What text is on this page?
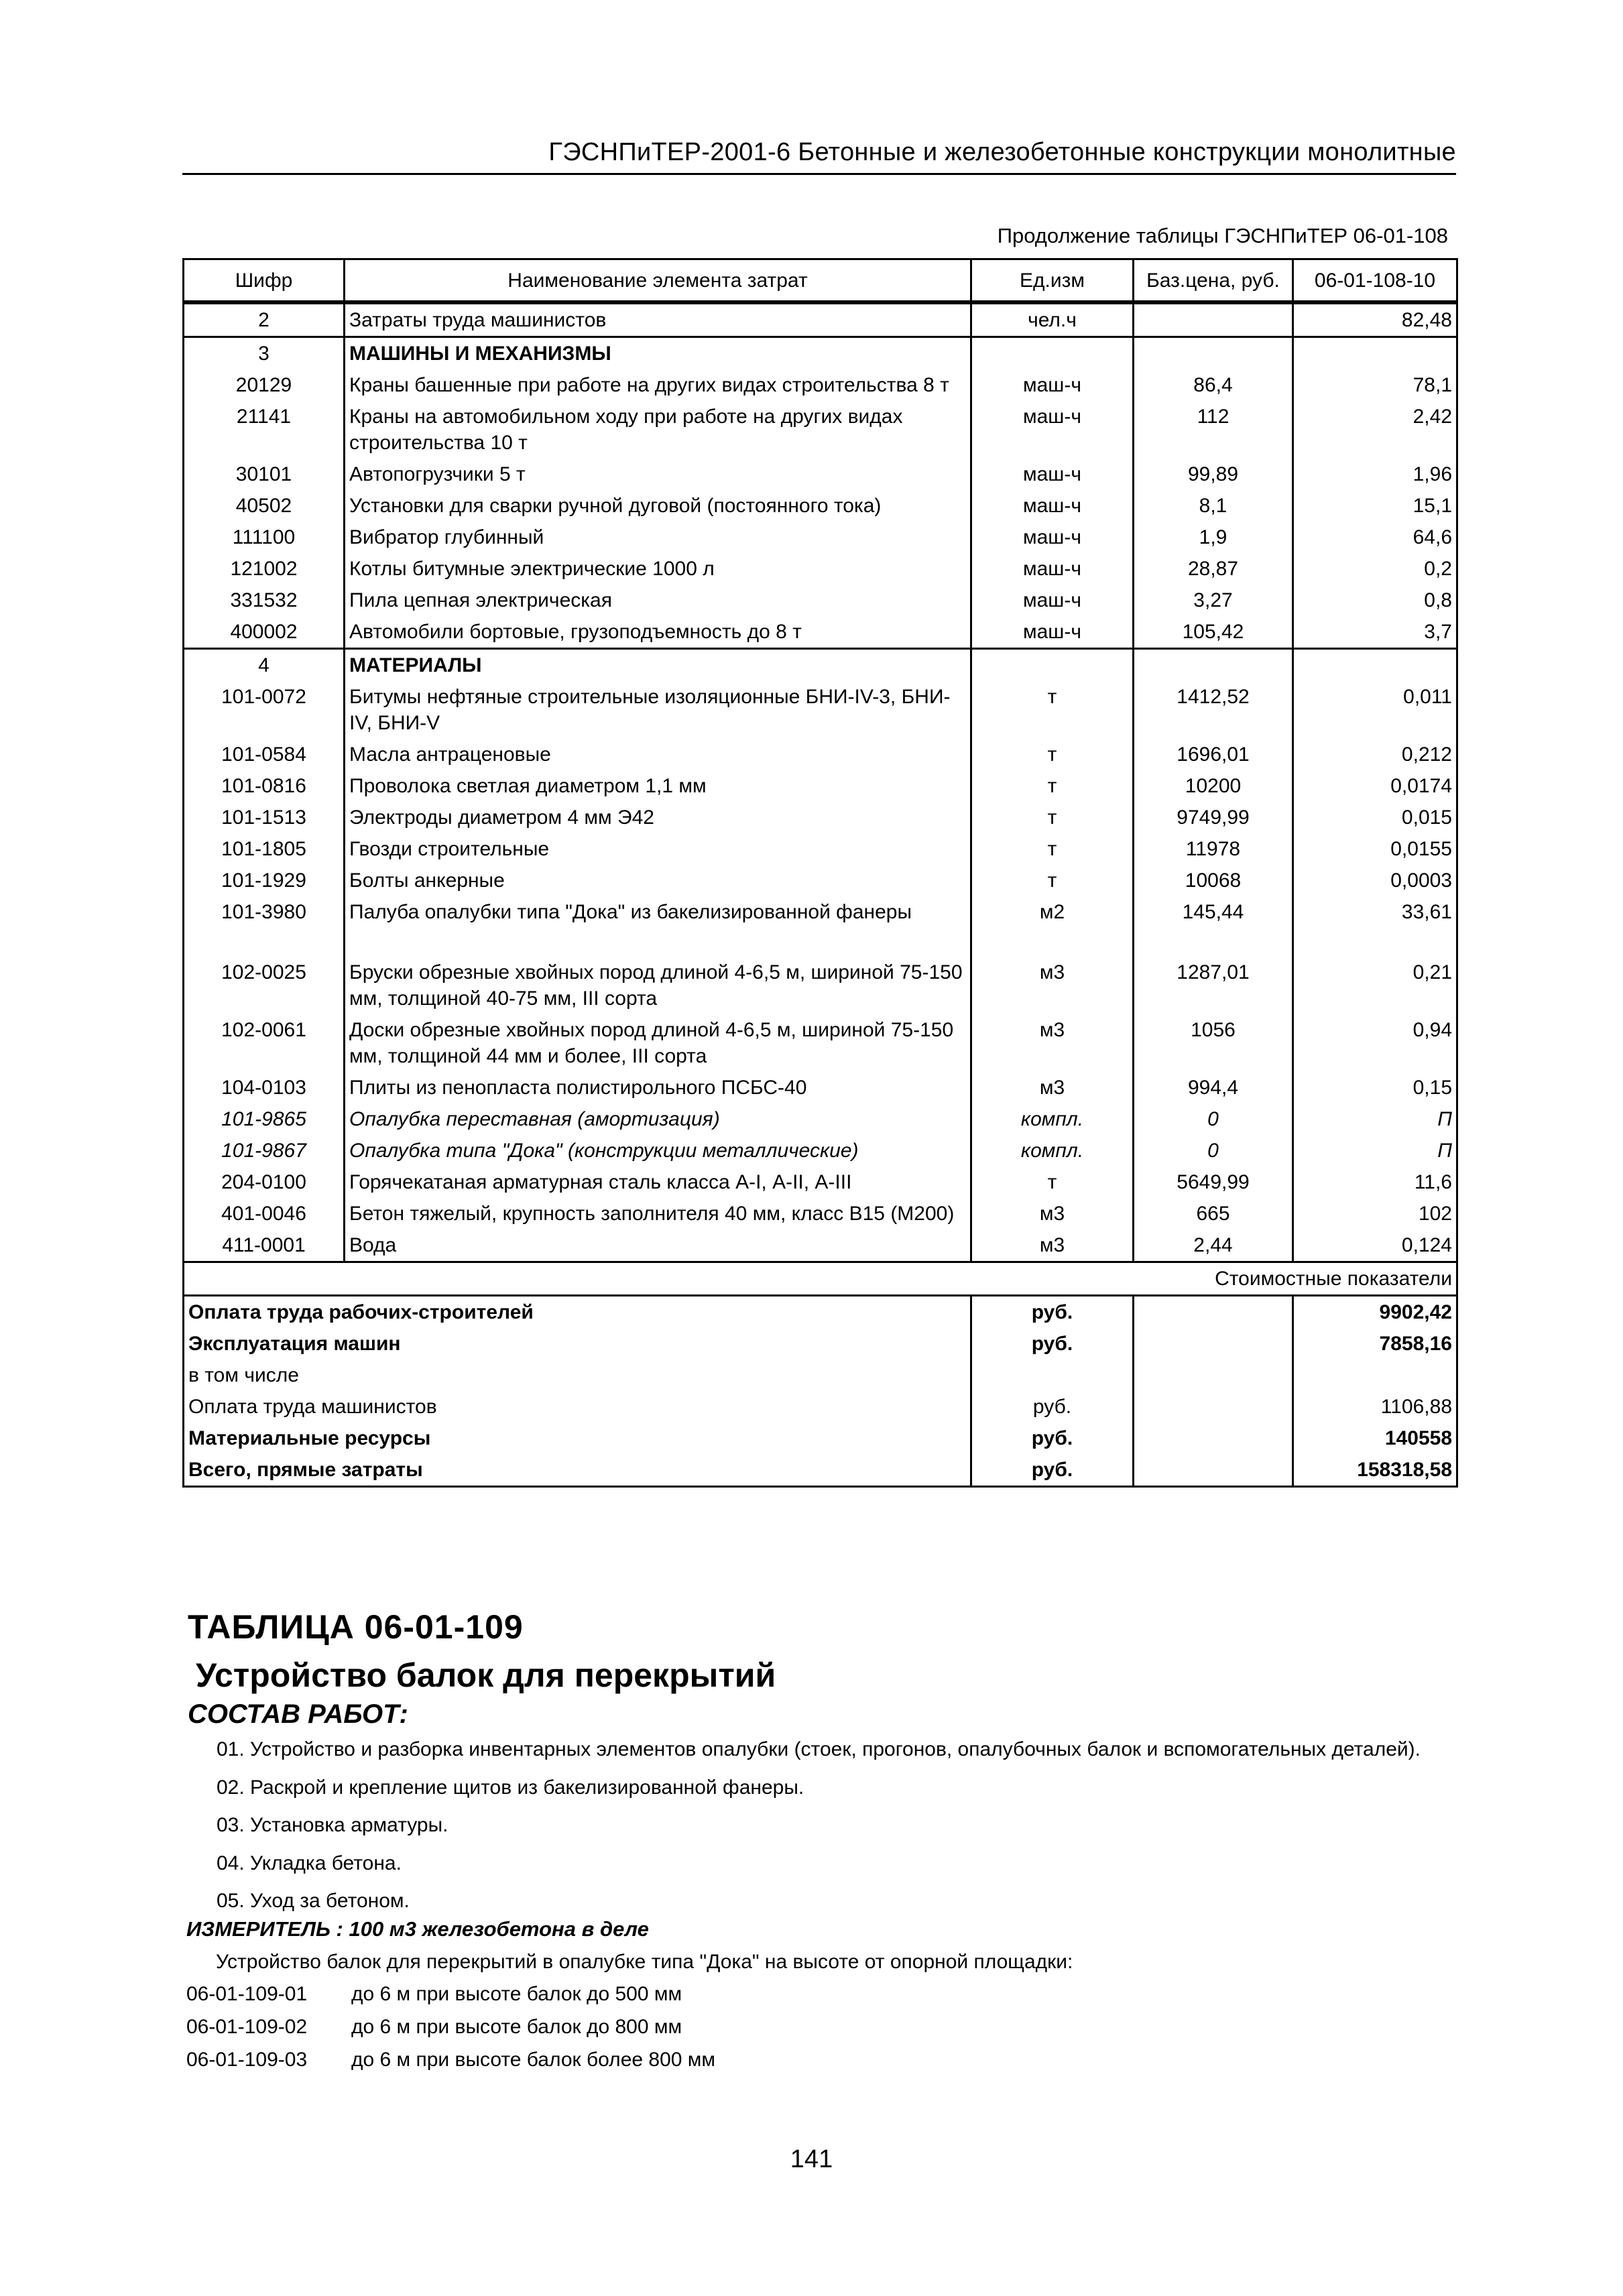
ГЭСНПиТЕР-2001-6 Бетонные и железобетонные конструкции монолитные
Продолжение таблицы ГЭСНПиТЕР 06-01-108
Шифр	Наименование элемента затрат	Ед.изм	Баз.цена, руб.	06-01-108-10
2	Затраты труда машинистов	чел.ч		82,48
3	МАШИНЫ И МЕХАНИЗМЫ			
20129	Краны башенные при работе на других видах строительства 8 т	маш-ч	86,4	78,1
21141	Краны на автомобильном ходу при работе на других видах строительства 10 т	маш-ч	112	2,42
30101	Автопогрузчики 5 т	маш-ч	99,89	1,96
40502	Установки для сварки ручной дуговой (постоянного тока)	маш-ч	8,1	15,1
111100	Вибратор глубинный	маш-ч	1,9	64,6
121002	Котлы битумные электрические 1000 л	маш-ч	28,87	0,2
331532	Пила цепная электрическая	маш-ч	3,27	0,8
400002	Автомобили бортовые, грузоподъемность до 8 т	маш-ч	105,42	3,7
4	МАТЕРИАЛЫ			
101-0072	Битумы нефтяные строительные изоляционные БНИ-IV-3, БНИ-IV, БНИ-V	т	1412,52	0,011
101-0584	Масла антраценовые	т	1696,01	0,212
101-0816	Проволока светлая диаметром 1,1 мм	т	10200	0,0174
101-1513	Электроды диаметром 4 мм Э42	т	9749,99	0,015
101-1805	Гвозди строительные	т	11978	0,0155
101-1929	Болты анкерные	т	10068	0,0003
101-3980	Палуба опалубки типа "Дока" из бакелизированной фанеры	м2	145,44	33,61
102-0025	Бруски обрезные хвойных пород длиной 4-6,5 м, шириной 75-150 мм, толщиной 40-75 мм, III сорта	м3	1287,01	0,21
102-0061	Доски обрезные хвойных пород длиной 4-6,5 м, шириной 75-150 мм, толщиной 44 мм и более, III сорта	м3	1056	0,94
104-0103	Плиты из пенопласта полистирольного ПСБС-40	м3	994,4	0,15
101-9865	Опалубка переставная (амортизация)	компл.	0	П
101-9867	Опалубка типа "Дока" (конструкции металлические)	компл.	0	П
204-0100	Горячекатаная арматурная сталь класса А-I, А-II, А-III	т	5649,99	11,6
401-0046	Бетон тяжелый, крупность заполнителя 40 мм, класс В15 (М200)	м3	665	102
411-0001	Вода	м3	2,44	0,124
Стоимостные показатели				
Оплата труда рабочих-строителей		руб.		9902,42
Эксплуатация машин		руб.		7858,16
в том числе				
Оплата труда машинистов		руб.		1106,88
Материальные ресурсы		руб.		140558
Всего, прямые затраты		руб.		158318,58
ТАБЛИЦА 06-01-109
Устройство балок для перекрытий
СОСТАВ РАБОТ:
01. Устройство и разборка инвентарных элементов опалубки (стоек, прогонов, опалубочных балок и вспомогательных деталей).
02. Раскрой и крепление щитов из бакелизированной фанеры.
03. Установка арматуры.
04. Укладка бетона.
05. Уход за бетоном.
ИЗМЕРИТЕЛЬ : 100 м3 железобетона в деле
Устройство балок для перекрытий в опалубке типа "Дока" на высоте от опорной площадки:
06-01-109-01 до 6 м при высоте балок до 500 мм
06-01-109-02 до 6 м при высоте балок до 800 мм
06-01-109-03 до 6 м при высоте балок более 800 мм
141
